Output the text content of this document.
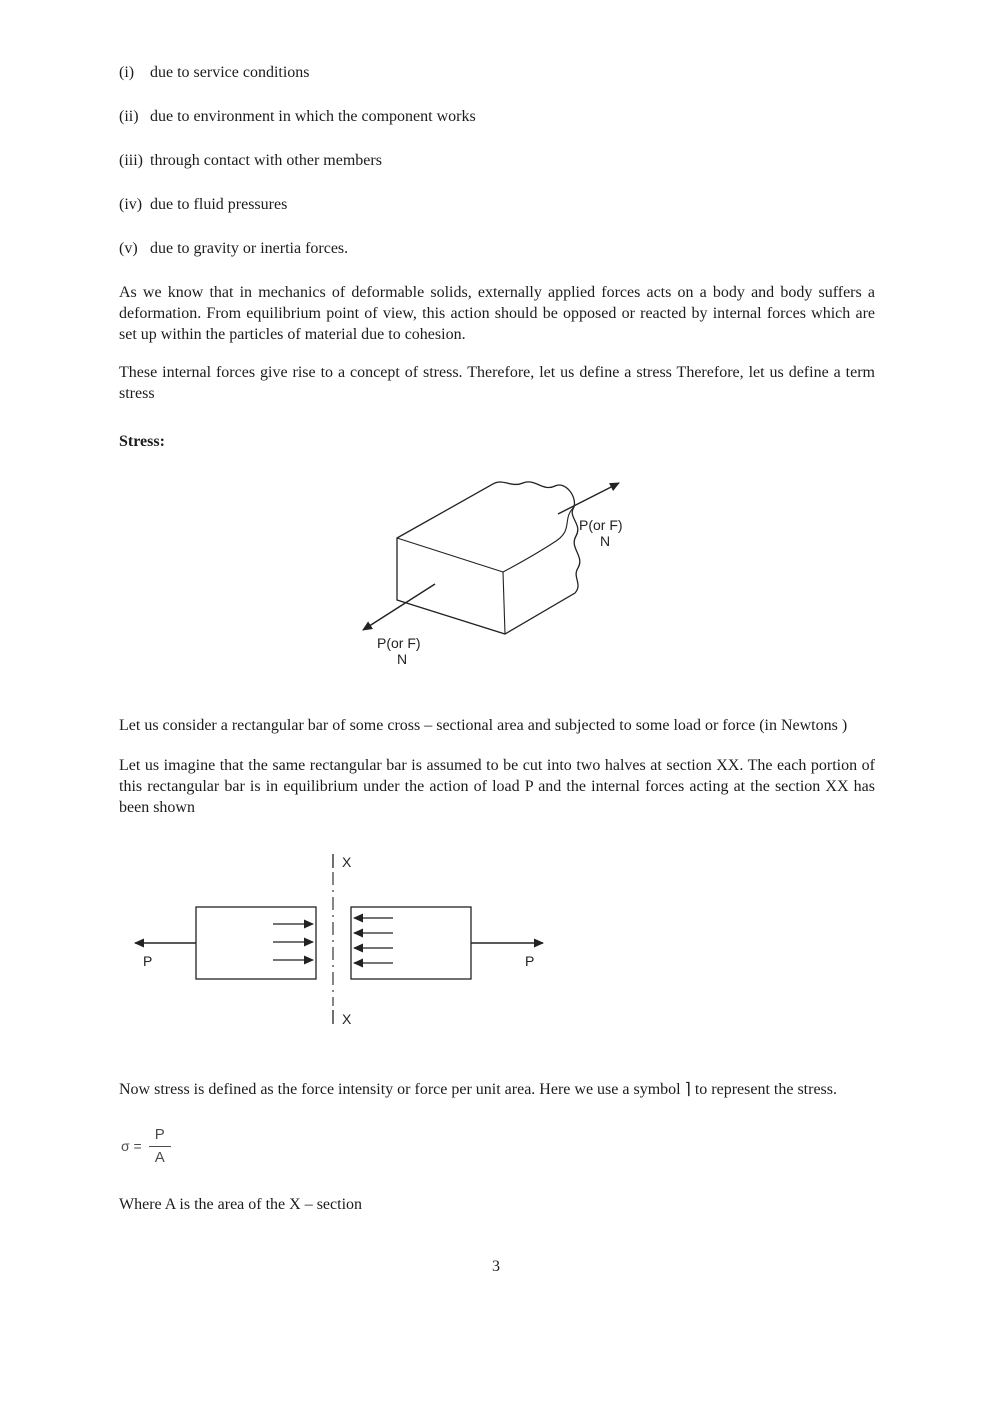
(i) due to service conditions
(ii) due to environment in which the component works
(iii) through contact with other members
(iv) due to fluid pressures
(v) due to gravity or inertia forces.

As we know that in mechanics of deformable solids, externally applied forces acts on a body and body suffers a deformation. From equilibrium point of view, this action should be opposed or reacted by internal forces which are set up within the particles of material due to cohesion.

These internal forces give rise to a concept of stress. Therefore, let us define a stress Therefore, let us define a term stress

Stress:
P(or F)
N
P(or F)
N

Let us consider a rectangular bar of some cross – sectional area and subjected to some load or force (in Newtons )

Let us imagine that the same rectangular bar is assumed to be cut into two halves at section XX. The each portion of this rectangular bar is in equilibrium under the action of load P and the internal forces acting at the section XX has been shown

X
X
P	P

Now stress is defined as the force intensity or force per unit area. Here we use a symbol ⌉ to represent the stress.

$\sigma = \frac{P}{A}$

Where A is the area of the X – section

3
